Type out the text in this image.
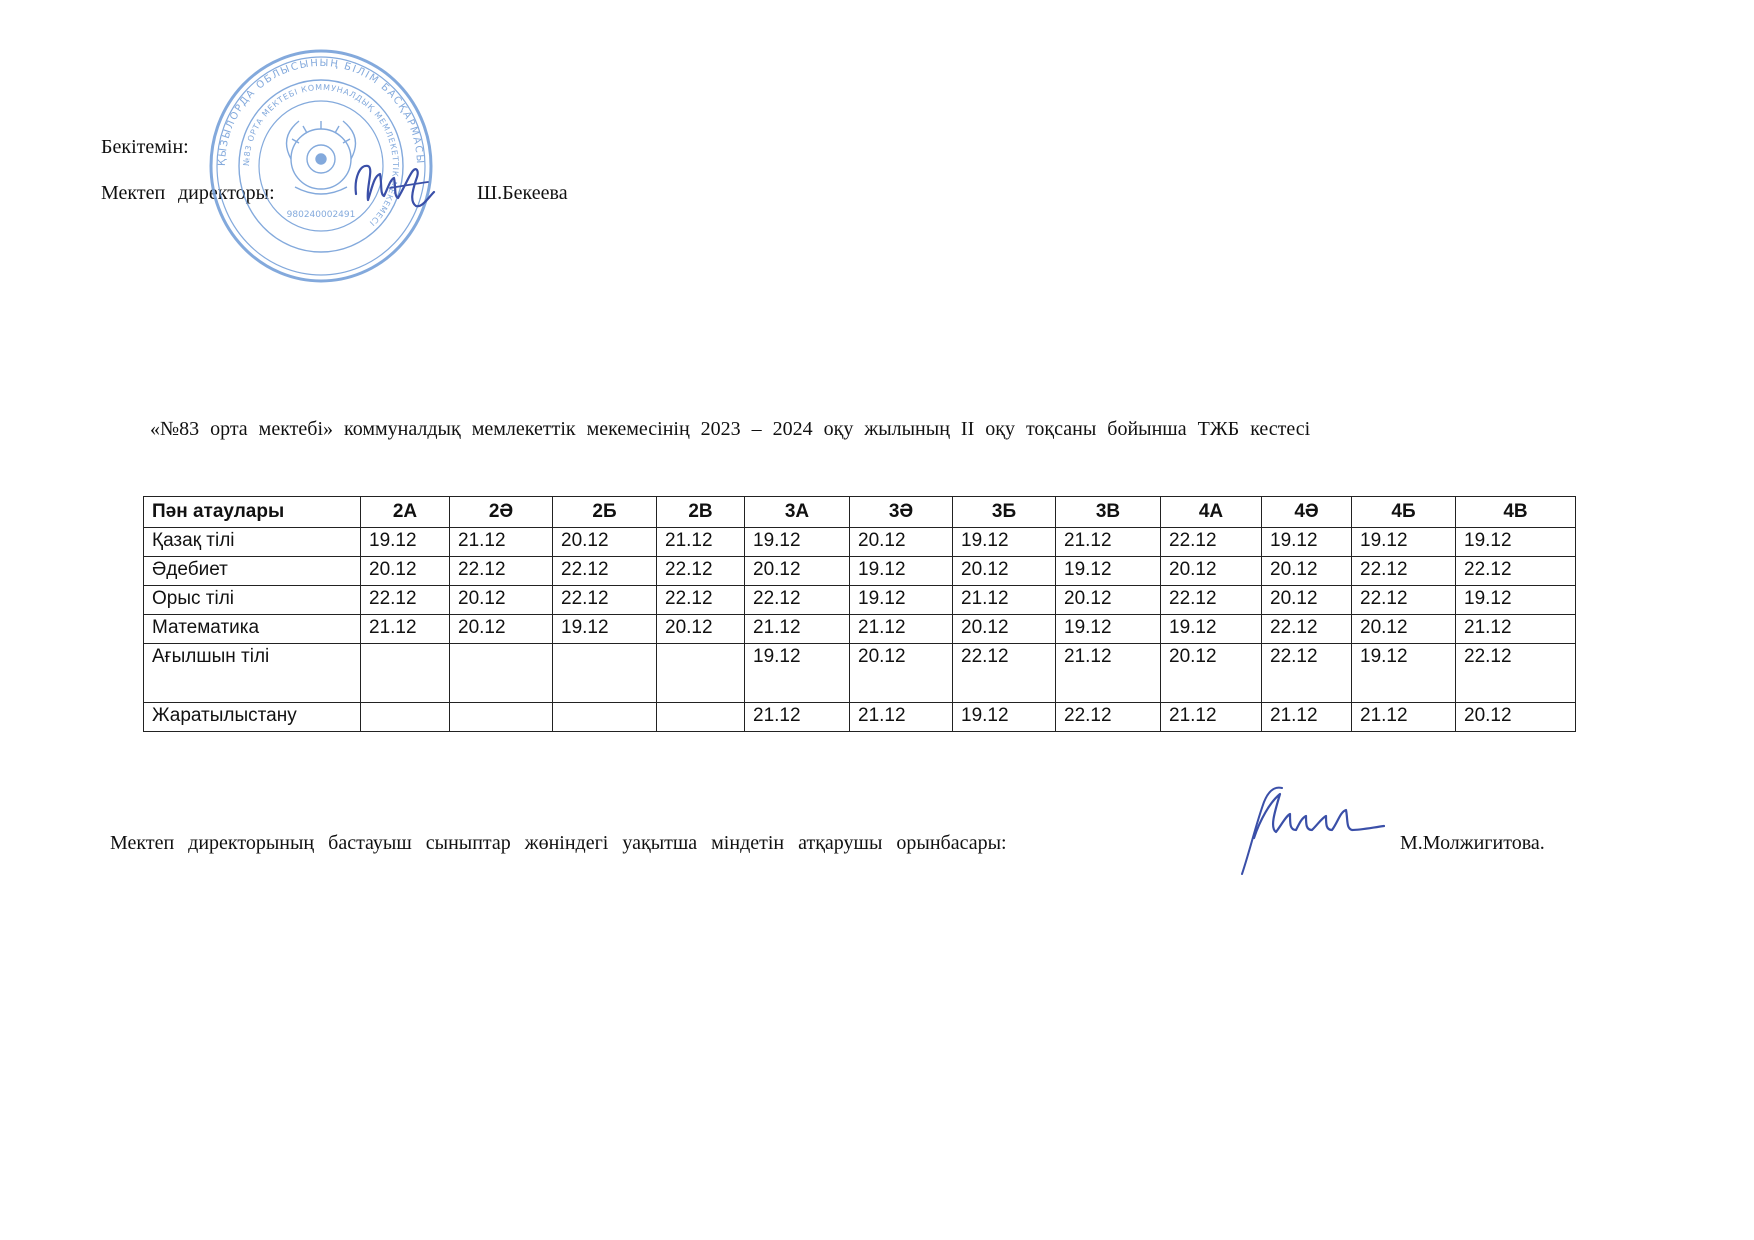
Бекітемін:
Мектеп директоры:	Ш.Бекеева
ҚЫЗЫЛОРДА ОБЛЫСЫНЫҢ БІЛІМ БАСҚАРМАСЫ
№83 ОРТА МЕКТЕБІ КОММУНАЛДЫҚ МЕМЛЕКЕТТІК МЕКЕМЕСІ
980240002491
«№83 орта мектебі» коммуналдық мемлекеттік мекемесінің 2023 – 2024 оқу жылының II оқу тоқсаны бойынша ТЖБ кестесі
Пән атаулары	2А	2Ә	2Б	2В	3А	3Ә	3Б	3В	4А	4Ә	4Б	4В
Қазақ тілі	19.12	21.12	20.12	21.12	19.12	20.12	19.12	21.12	22.12	19.12	19.12	19.12
Әдебиет	20.12	22.12	22.12	22.12	20.12	19.12	20.12	19.12	20.12	20.12	22.12	22.12
Орыс тілі	22.12	20.12	22.12	22.12	22.12	19.12	21.12	20.12	22.12	20.12	22.12	19.12
Математика	21.12	20.12	19.12	20.12	21.12	21.12	20.12	19.12	19.12	22.12	20.12	21.12
Ағылшын тілі					19.12	20.12	22.12	21.12	20.12	22.12	19.12	22.12
Жаратылыстану					21.12	21.12	19.12	22.12	21.12	21.12	21.12	20.12
Мектеп директорының бастауыш сыныптар жөніндегі уақытша міндетін атқарушы орынбасары:	М.Молжигитова.
